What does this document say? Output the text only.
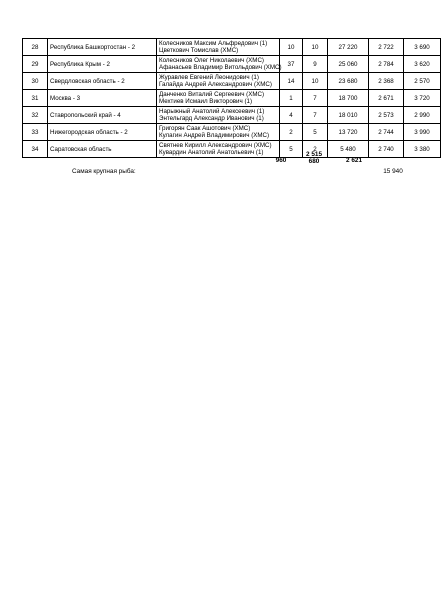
28	Республика Башкортостан - 2	Колесников Максим Альфредович (1)
Цветкович Томислав (ХМС)	10	10	27 220	2 722	3 690
29	Республика Крым - 2	Колесников Олег Николаевич (ХМС)
Афанасьев Владимир Витольдович (ХМС)	37	9	25 060	2 784	3 620
30	Свердловская область - 2	Журавлев Евгений Леонидович (1)
Галайда Андрей Александрович (ХМС)	14	10	23 680	2 368	2 570
31	Москва - 3	Данченко Виталий Сергеевич (ХМС)
Мехтиев Исмаил Викторович (1)	1	7	18 700	2 671	3 720
32	Ставропольский край - 4	Нарыжный Анатолий Алексеевич (1)
Энтельгард Александр Иванович (1)	4	7	18 010	2 573	2 990
33	Нижегородская область - 2	Григорян Саак Ашотович (ХМС)
Кулагин Андрей Владимирович (ХМС)	2	5	13 720	2 744	3 990
34	Саратовская область	Святнев Кирилл Александрович (ХМС)
Кувардин Анатолий Анатольевич (1)	5	2	5 480	2 740	3 380
960
2 515
680	2 621
Самая крупная рыба:	15 940
